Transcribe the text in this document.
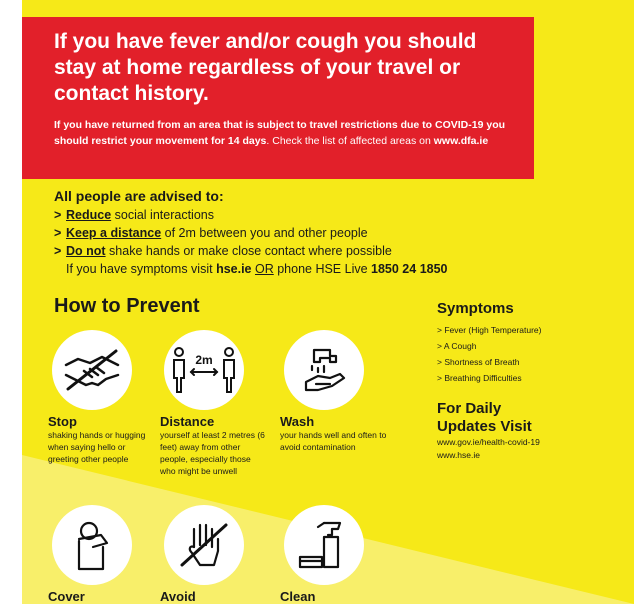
If you have fever and/or cough you should stay at home regardless of your travel or contact history.

If you have returned from an area that is subject to travel restrictions due to COVID-19 you should restrict your movement for 14 days. Check the list of affected areas on www.dfa.ie

All people are advised to:
> Reduce social interactions
> Keep a distance of 2m between you and other people
> Do not shake hands or make close contact where possible
If you have symptoms visit hse.ie OR phone HSE Live 1850 24 1850
How to Prevent
Stop
shaking hands or hugging when saying hello or greeting other people
2m
Distance
yourself at least 2 metres (6 feet) away from other people, especially those who might be unwell
Wash
your hands well and often to avoid contamination
Cover	Avoid	Clean
Symptoms
> Fever (High Temperature)
> A Cough
> Shortness of Breath
> Breathing Difficulties
For Daily
Updates Visit
www.gov.ie/health-covid-19
www.hse.ie
